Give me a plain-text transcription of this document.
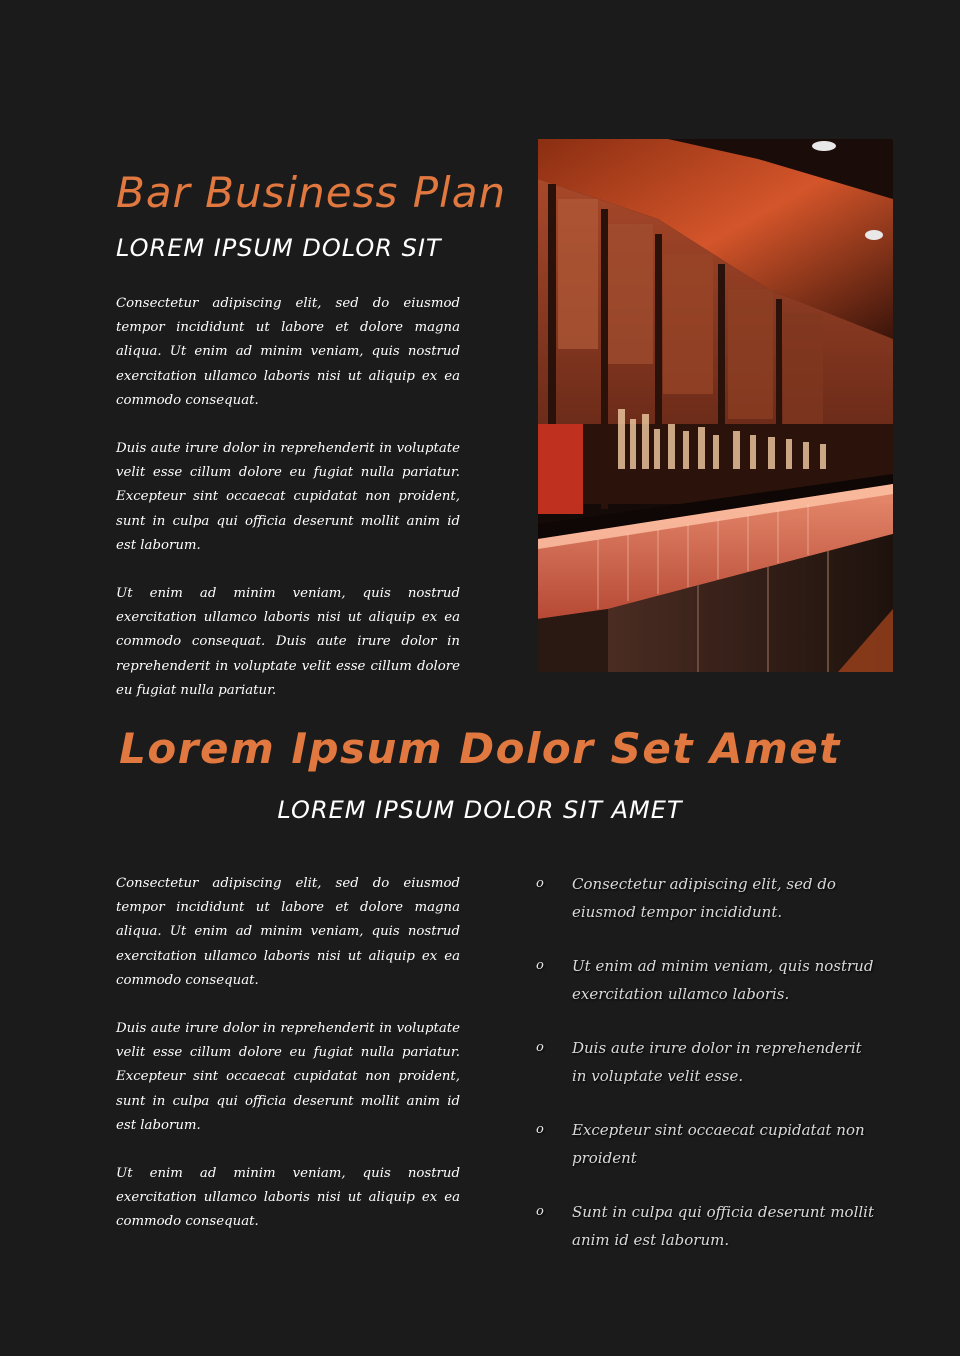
Bar Business Plan
LOREM IPSUM DOLOR SIT

Consectetur adipiscing elit, sed do eiusmod tempor incididunt ut labore et dolore magna aliqua. Ut enim ad minim veniam, quis nostrud exercitation ullamco laboris nisi ut aliquip ex ea commodo consequat.

Duis aute irure dolor in reprehenderit in voluptate velit esse cillum dolore eu fugiat nulla pariatur. Excepteur sint occaecat cupidatat non proident, sunt in culpa qui officia deserunt mollit anim id est laborum.

Ut enim ad minim veniam, quis nostrud exercitation ullamco laboris nisi ut aliquip ex ea commodo consequat. Duis aute irure dolor in reprehenderit in voluptate velit esse cillum dolore eu fugiat nulla pariatur.

Lorem Ipsum Dolor Set Amet
LOREM IPSUM DOLOR SIT AMET

Consectetur adipiscing elit, sed do eiusmod tempor incididunt ut labore et dolore magna aliqua. Ut enim ad minim veniam, quis nostrud exercitation ullamco laboris nisi ut aliquip ex ea commodo consequat.

Duis aute irure dolor in reprehenderit in voluptate velit esse cillum dolore eu fugiat nulla pariatur. Excepteur sint occaecat cupidatat non proident, sunt in culpa qui officia deserunt mollit anim id est laborum.

Ut enim ad minim veniam, quis nostrud exercitation ullamco laboris nisi ut aliquip ex ea commodo consequat.

o Consectetur adipiscing elit, sed do eiusmod tempor incididunt.
o Ut enim ad minim veniam, quis nostrud exercitation ullamco laboris.
o Duis aute irure dolor in reprehenderit in voluptate velit esse.
o Excepteur sint occaecat cupidatat non proident
o Sunt in culpa qui officia deserunt mollit anim id est laborum.
